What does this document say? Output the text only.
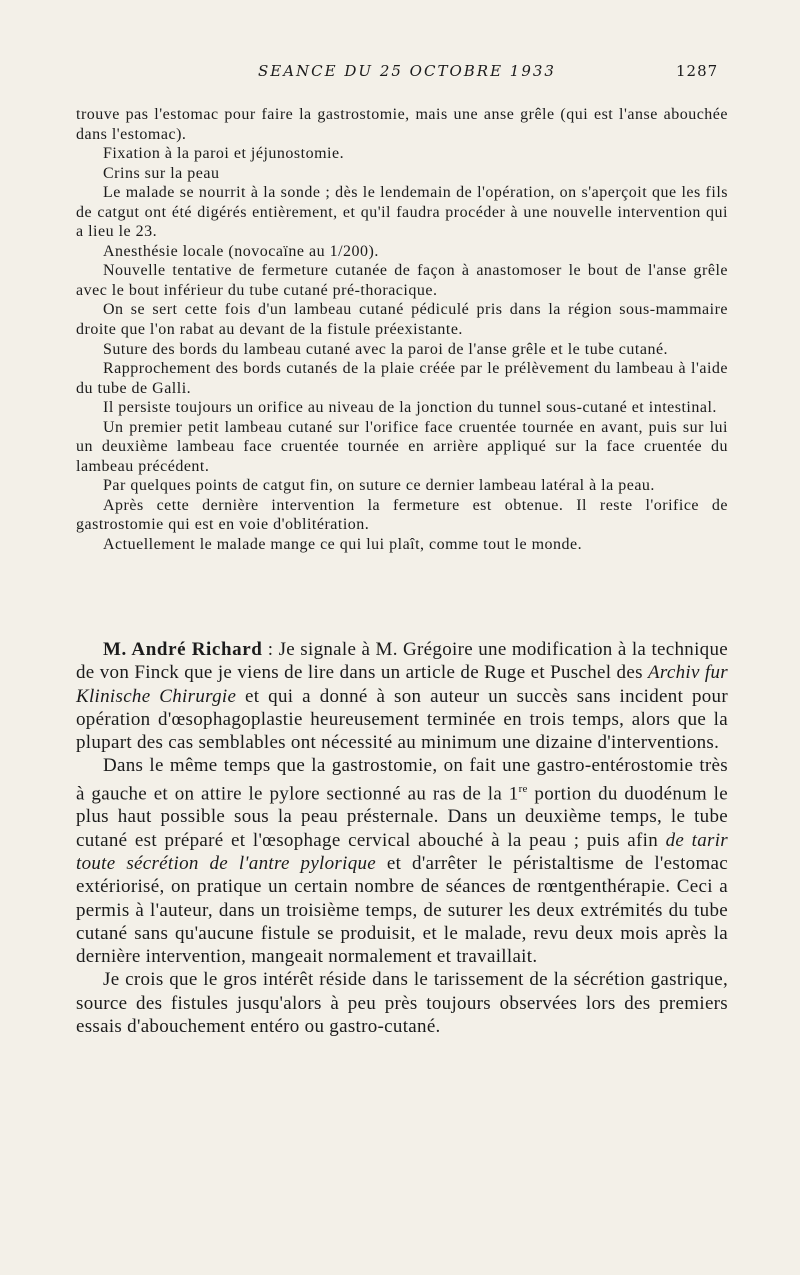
SEANCE DU 25 OCTOBRE 1933	1287

trouve pas l'estomac pour faire la gastrostomie, mais une anse grêle (qui est l'anse abouchée dans l'estomac).

Fixation à la paroi et jéjunostomie.

Crins sur la peau

Le malade se nourrit à la sonde ; dès le lendemain de l'opération, on s'aperçoit que les fils de catgut ont été digérés entièrement, et qu'il faudra procéder à une nouvelle intervention qui a lieu le 23.

Anesthésie locale (novocaïne au 1/200).

Nouvelle tentative de fermeture cutanée de façon à anastomoser le bout de l'anse grêle avec le bout inférieur du tube cutané pré-thoracique.

On se sert cette fois d'un lambeau cutané pédiculé pris dans la région sous-mammaire droite que l'on rabat au devant de la fistule préexistante.

Suture des bords du lambeau cutané avec la paroi de l'anse grêle et le tube cutané.

Rapprochement des bords cutanés de la plaie créée par le prélèvement du lambeau à l'aide du tube de Galli.

Il persiste toujours un orifice au niveau de la jonction du tunnel sous-cutané et intestinal.

Un premier petit lambeau cutané sur l'orifice face cruentée tournée en avant, puis sur lui un deuxième lambeau face cruentée tournée en arrière appliqué sur la face cruentée du lambeau précédent.

Par quelques points de catgut fin, on suture ce dernier lambeau latéral à la peau.

Après cette dernière intervention la fermeture est obtenue. Il reste l'orifice de gastrostomie qui est en voie d'oblitération.

Actuellement le malade mange ce qui lui plaît, comme tout le monde.

M. André Richard : Je signale à M. Grégoire une modification à la technique de von Finck que je viens de lire dans un article de Ruge et Puschel des Archiv fur Klinische Chirurgie et qui a donné à son auteur un succès sans incident pour opération d'œsophagoplastie heureusement terminée en trois temps, alors que la plupart des cas semblables ont nécessité au minimum une dizaine d'interventions.

Dans le même temps que la gastrostomie, on fait une gastro-entérostomie très à gauche et on attire le pylore sectionné au ras de la 1re portion du duodénum le plus haut possible sous la peau présternale. Dans un deuxième temps, le tube cutané est préparé et l'œsophage cervical abouché à la peau ; puis afin de tarir toute sécrétion de l'antre pylorique et d'arrêter le péristaltisme de l'estomac extériorisé, on pratique un certain nombre de séances de rœntgenthérapie. Ceci a permis à l'auteur, dans un troisième temps, de suturer les deux extrémités du tube cutané sans qu'aucune fistule se produisit, et le malade, revu deux mois après la dernière intervention, mangeait normalement et travaillait.

Je crois que le gros intérêt réside dans le tarissement de la sécrétion gastrique, source des fistules jusqu'alors à peu près toujours observées lors des premiers essais d'abouchement entéro ou gastro-cutané.
